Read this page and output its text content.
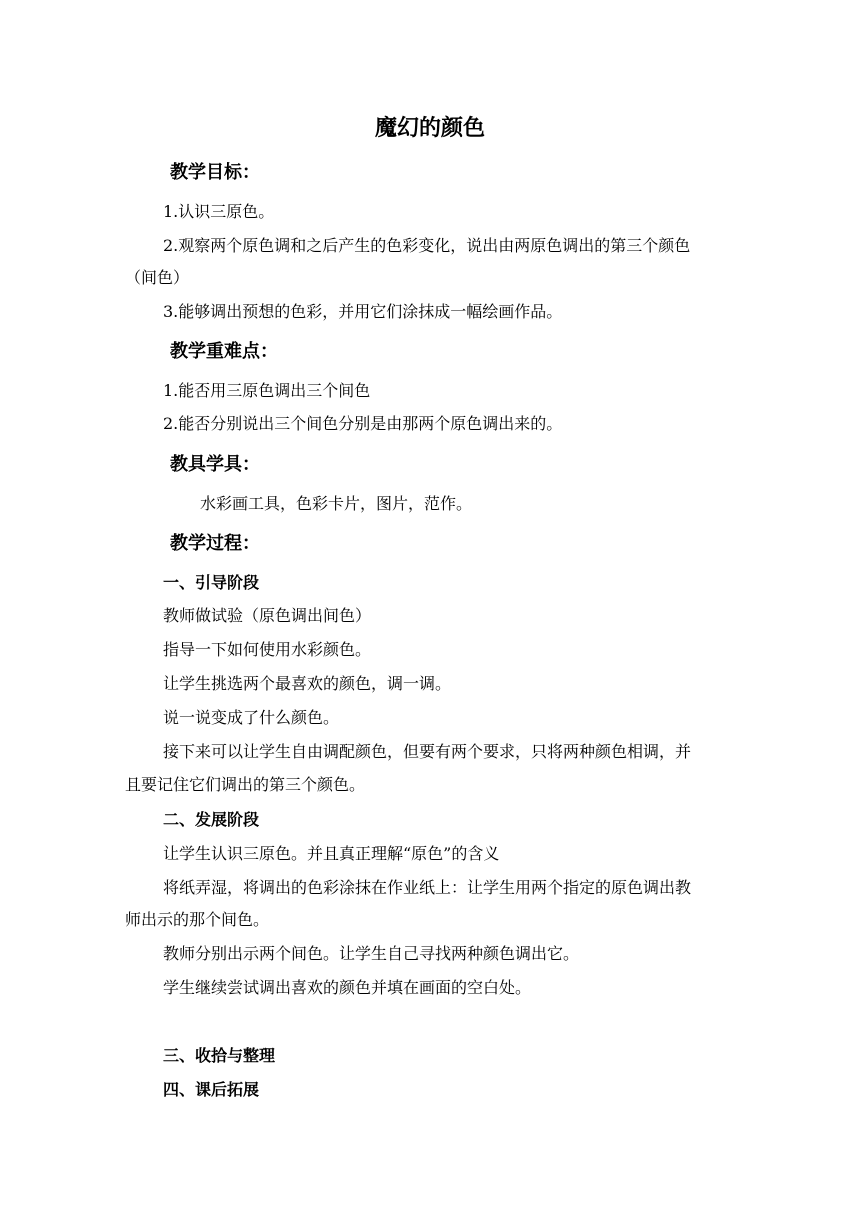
魔幻的颜色
教学目标：
1.认识三原色。
2.观察两个原色调和之后产生的色彩变化，说出由两原色调出的第三个颜色
（间色）
3.能够调出预想的色彩，并用它们涂抹成一幅绘画作品。
教学重难点：
1.能否用三原色调出三个间色
2.能否分别说出三个间色分别是由那两个原色调出来的。
教具学具：
水彩画工具，色彩卡片，图片，范作。
教学过程：
一、引导阶段
教师做试验（原色调出间色）
指导一下如何使用水彩颜色。
让学生挑选两个最喜欢的颜色，调一调。
说一说变成了什么颜色。
接下来可以让学生自由调配颜色，但要有两个要求，只将两种颜色相调，并
且要记住它们调出的第三个颜色。
二、发展阶段
让学生认识三原色。并且真正理解“原色”的含义
将纸弄湿，将调出的色彩涂抹在作业纸上：让学生用两个指定的原色调出教
师出示的那个间色。
教师分别出示两个间色。让学生自己寻找两种颜色调出它。
学生继续尝试调出喜欢的颜色并填在画面的空白处。
三、收拾与整理
四、课后拓展
